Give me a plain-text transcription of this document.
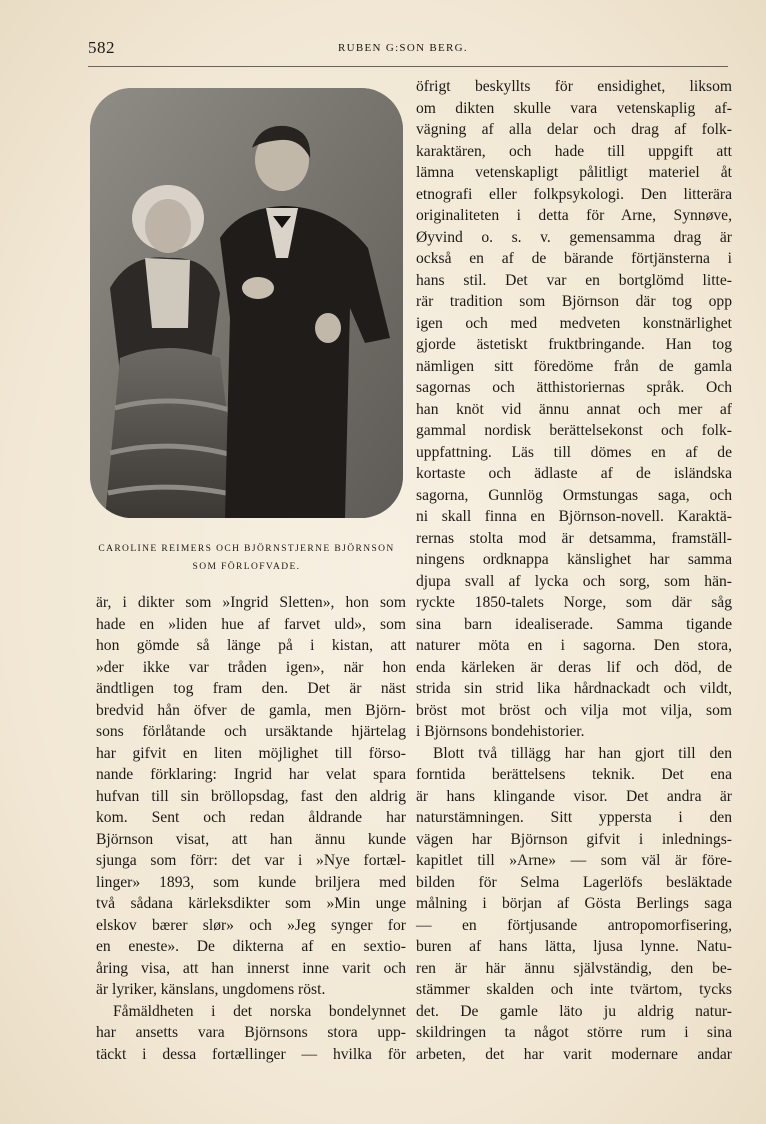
582	RUBEN G:SON BERG.
CAROLINE REIMERS OCH BJÖRNSTJERNE BJÖRNSON
SOM FÖRLOFVADE.
öfrigt beskyllts för ensidighet, liksom
om dikten skulle vara vetenskaplig af-
vägning af alla delar och drag af folk-
karaktären, och hade till uppgift att
lämna vetenskapligt pålitligt materiel åt
etnografi eller folkpsykologi. Den litterära
originaliteten i detta för Arne, Synnøve,
Øyvind o. s. v. gemensamma drag är
också en af de bärande förtjänsterna i
hans stil. Det var en bortglömd litte-
rär tradition som Björnson där tog opp
igen och med medveten konstnärlighet
gjorde ästetiskt fruktbringande. Han tog
nämligen sitt föredöme från de gamla
sagornas och ätthistoriernas språk. Och
han knöt vid ännu annat och mer af
gammal nordisk berättelsekonst och folk-
uppfattning. Läs till dömes en af de
kortaste och ädlaste af de isländska
sagorna, Gunnlög Ormstungas saga, och
ni skall finna en Björnson-novell. Karaktä-
rernas stolta mod är detsamma, framställ-
ningens ordknappa känslighet har samma
djupa svall af lycka och sorg, som hän-
ryckte 1850-talets Norge, som där såg
sina barn idealiserade. Samma tigande
naturer möta en i sagorna. Den stora,
enda kärleken är deras lif och död, de
strida sin strid lika hårdnackadt och vildt,
bröst mot bröst och vilja mot vilja, som
i Björnsons bondehistorier.
Blott två tillägg har han gjort till den
forntida berättelsens teknik. Det ena
är hans klingande visor. Det andra är
naturstämningen. Sitt yppersta i den
vägen har Björnson gifvit i inlednings-
kapitlet till »Arne» — som väl är före-
bilden för Selma Lagerlöfs besläktade
målning i början af Gösta Berlings saga
— en förtjusande antropomorfisering,
buren af hans lätta, ljusa lynne. Natu-
ren är här ännu självständig, den be-
stämmer skalden och inte tvärtom, tycks
det. De gamle läto ju aldrig natur-
skildringen ta något större rum i sina
arbeten, det har varit modernare andar
är, i dikter som »Ingrid Sletten», hon som
hade en »liden hue af farvet uld», som
hon gömde så länge på i kistan, att
»der ikke var tråden igen», när hon
ändtligen tog fram den. Det är näst
bredvid hån öfver de gamla, men Björn-
sons förlåtande och ursäktande hjärtelag
har gifvit en liten möjlighet till förso-
nande förklaring: Ingrid har velat spara
hufvan till sin bröllopsdag, fast den aldrig
kom. Sent och redan åldrande har
Björnson visat, att han ännu kunde
sjunga som förr: det var i »Nye fortæl-
linger» 1893, som kunde briljera med
två sådana kärleksdikter som »Min unge
elskov bærer slør» och »Jeg synger for
en eneste». De dikterna af en sextio-
åring visa, att han innerst inne varit och
är lyriker, känslans, ungdomens röst.
Fåmäldheten i det norska bondelynnet
har ansetts vara Björnsons stora upp-
täckt i dessa fortællinger — hvilka för
